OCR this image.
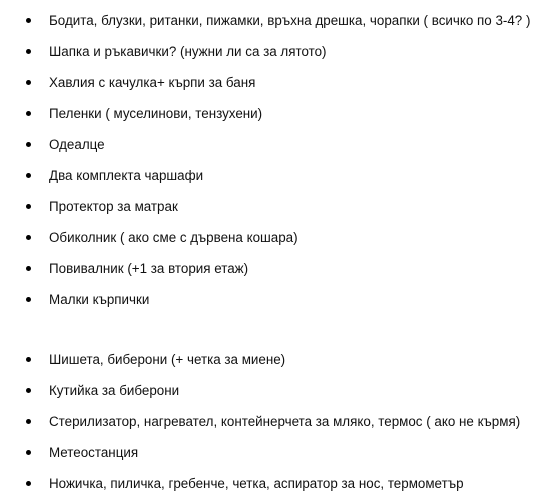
Бодита, блузки, ританки, пижамки, връхна дрешка, чорапки ( всичко по 3-4? )
Шапка и ръкавички? (нужни ли са за лятото)
Хавлия с качулка+ кърпи за баня
Пеленки ( муселинови, тензухени)
Одеалце
Два комплекта чаршафи
Протектор за матрак
Обиколник ( ако сме с дървена кошара)
Повивалник (+1 за втория етаж)
Малки кърпички
Шишета, биберони (+ четка за миене)
Кутийка за биберони
Стерилизатор, нагревател, контейнерчета за мляко, термос ( ако не кърмя)
Метеостанция
Ножичка, пиличка, гребенче, четка, аспиратор за нос, термометър
